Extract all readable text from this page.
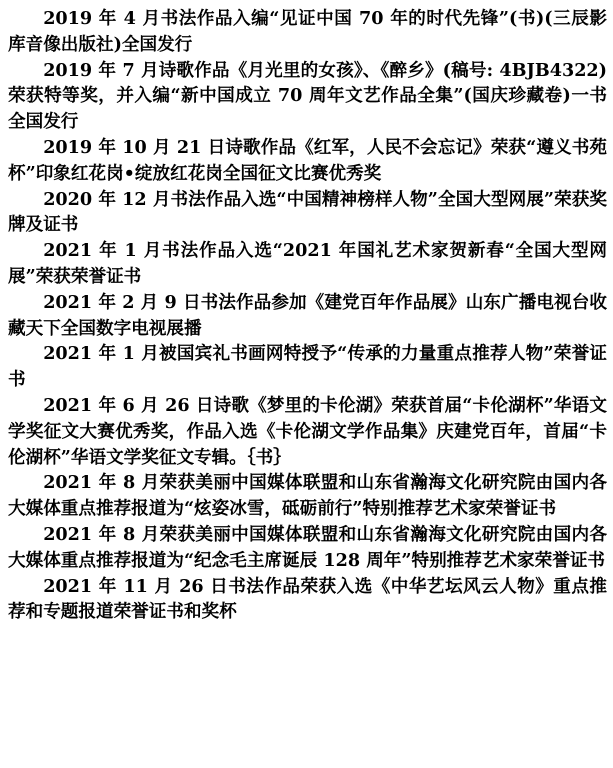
2019 年 4 月书法作品入编“见证中国 70 年的时代先锋”(书)(三辰影库音像出版社)全国发行

2019 年 7 月诗歌作品《月光里的女孩》、《醉乡》(稿号: 4BJB4322)荣获特等奖，并入编“新中国成立 70 周年文艺作品全集”(国庆珍藏卷)一书全国发行

2019 年 10 月 21 日诗歌作品《红军，人民不会忘记》荣获“遵义书苑杯”印象红花岗•绽放红花岗全国征文比赛优秀奖

2020 年 12 月书法作品入选“中国精神榜样人物”全国大型网展”荣获奖牌及证书

2021 年 1 月书法作品入选“2021 年国礼艺术家贺新春“全国大型网展”荣获荣誉证书

2021 年 2 月 9 日书法作品参加《建党百年作品展》山东广播电视台收藏天下全国数字电视展播

2021 年 1 月被国宾礼书画网特授予“传承的力量重点推荐人物”荣誉证书

2021 年 6 月 26 日诗歌《梦里的卡伦湖》荣获首届“卡伦湖杯”华语文学奖征文大赛优秀奖，作品入选《卡伦湖文学作品集》庆建党百年，首届“卡伦湖杯”华语文学奖征文专辑。｛书｝

2021 年 8 月荣获美丽中国媒体联盟和山东省瀚海文化研究院由国内各大媒体重点推荐报道为“炫姿冰雪，砥砺前行”特别推荐艺术家荣誉证书

2021 年 8 月荣获美丽中国媒体联盟和山东省瀚海文化研究院由国内各大媒体重点推荐报道为“纪念毛主席诞辰 128 周年”特别推荐艺术家荣誉证书

2021 年 11 月 26 日书法作品荣获入选《中华艺坛风云人物》重点推荐和专题报道荣誉证书和奖杯
